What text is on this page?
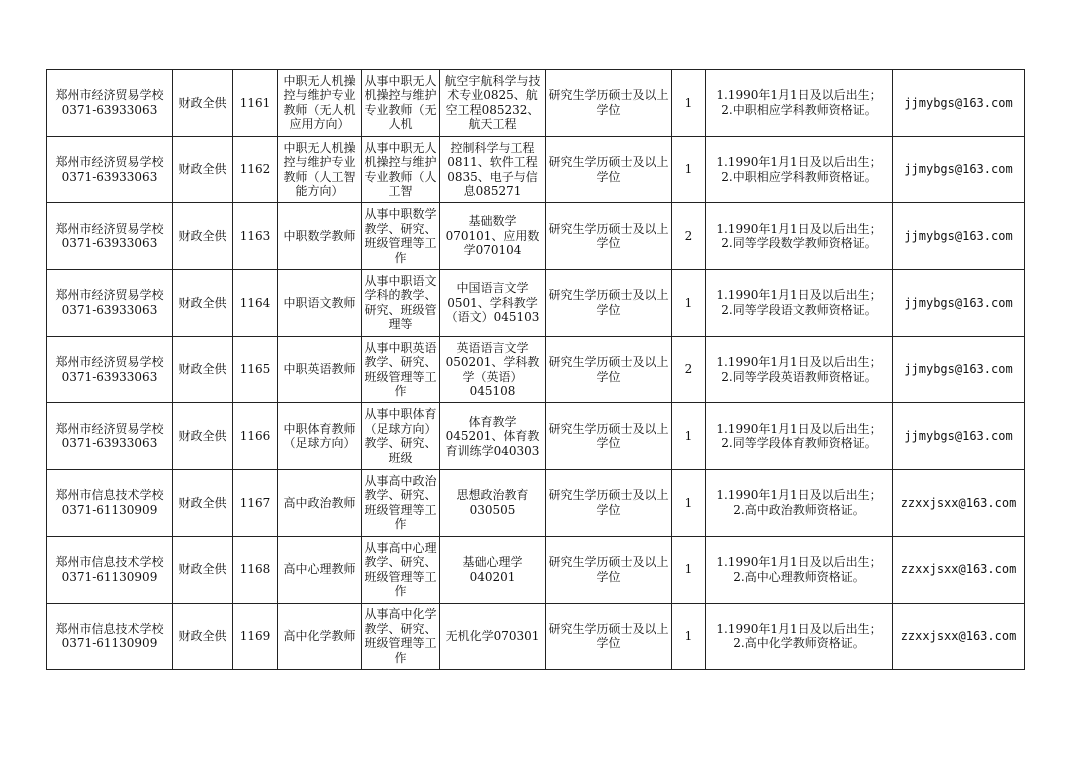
郑州市经济贸易学校
0371-63933063	财政全供	1161	中职无人机操控与维护专业教师（无人机应用方向）	从事中职无人机操控与维护专业教师（无人机	航空宇航科学与技术专业0825、航空工程085232、航天工程	研究生学历硕士及以上学位	1	1.1990年1月1日及以后出生；
2.中职相应学科教师资格证。	jjmybgs@163.com

郑州市经济贸易学校
0371-63933063	财政全供	1162	中职无人机操控与维护专业教师（人工智能方向）	从事中职无人机操控与维护专业教师（人工智	控制科学与工程0811、软件工程0835、电子与信息085271	研究生学历硕士及以上学位	1	1.1990年1月1日及以后出生；
2.中职相应学科教师资格证。	jjmybgs@163.com

郑州市经济贸易学校
0371-63933063	财政全供	1163	中职数学教师	从事中职数学教学、研究、班级管理等工作	基础数学070101、应用数学070104	研究生学历硕士及以上学位	2	1.1990年1月1日及以后出生；
2.同等学段数学教师资格证。	jjmybgs@163.com

郑州市经济贸易学校
0371-63933063	财政全供	1164	中职语文教师	从事中职语文学科的教学、研究、班级管理等	中国语言文学0501、学科教学（语文）045103	研究生学历硕士及以上学位	1	1.1990年1月1日及以后出生；
2.同等学段语文教师资格证。	jjmybgs@163.com

郑州市经济贸易学校
0371-63933063	财政全供	1165	中职英语教师	从事中职英语教学、研究、班级管理等工作	英语语言文学050201、学科教学（英语）045108	研究生学历硕士及以上学位	2	1.1990年1月1日及以后出生；
2.同等学段英语教师资格证。	jjmybgs@163.com

郑州市经济贸易学校
0371-63933063	财政全供	1166	中职体育教师（足球方向）	从事中职体育（足球方向）教学、研究、班级	体育教学045201、体育教育训练学040303	研究生学历硕士及以上学位	1	1.1990年1月1日及以后出生；
2.同等学段体育教师资格证。	jjmybgs@163.com

郑州市信息技术学校
0371-61130909	财政全供	1167	高中政治教师	从事高中政治教学、研究、班级管理等工作	思想政治教育030505	研究生学历硕士及以上学位	1	1.1990年1月1日及以后出生；
2.高中政治教师资格证。	zzxxjsxx@163.com

郑州市信息技术学校
0371-61130909	财政全供	1168	高中心理教师	从事高中心理教学、研究、班级管理等工作	基础心理学040201	研究生学历硕士及以上学位	1	1.1990年1月1日及以后出生；
2.高中心理教师资格证。	zzxxjsxx@163.com

郑州市信息技术学校
0371-61130909	财政全供	1169	高中化学教师	从事高中化学教学、研究、班级管理等工作	无机化学070301	研究生学历硕士及以上学位	1	1.1990年1月1日及以后出生；
2.高中化学教师资格证。	zzxxjsxx@163.com
